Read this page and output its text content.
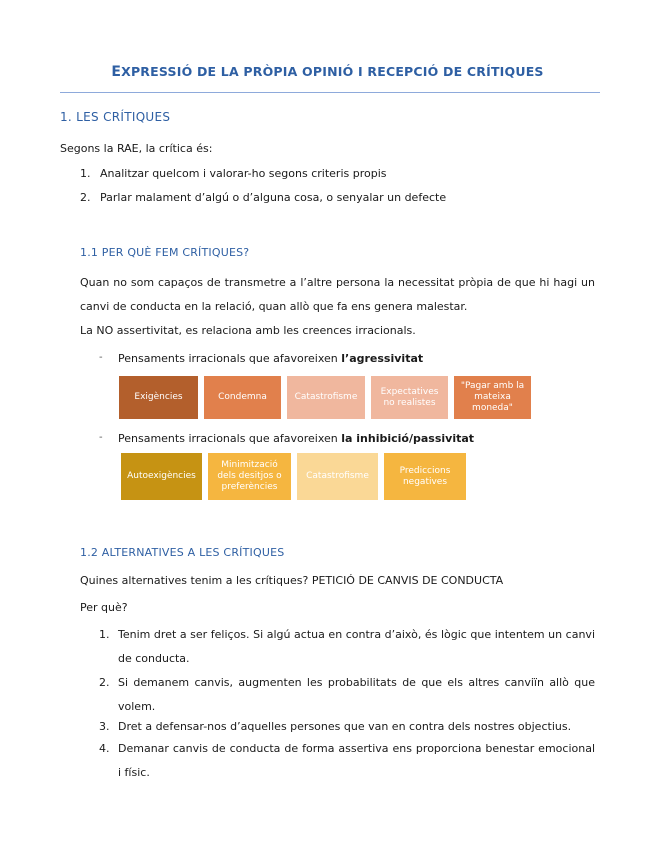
EXPRESSIÓ DE LA PRÒPIA OPINIÓ I RECEPCIÓ DE CRÍTIQUES
1. LES CRÍTIQUES
Segons la RAE, la crítica és:
1. Analitzar quelcom i valorar-ho segons criteris propis
2. Parlar malament d’algú o d’alguna cosa, o senyalar un defecte
1.1 PER QUÈ FEM CRÍTIQUES?
Quan no som capaços de transmetre a l’altre persona la necessitat pròpia de que hi hagi un canvi de conducta en la relació, quan allò que fa ens genera malestar.
La NO assertivitat, es relaciona amb les creences irracionals.
- Pensaments irracionals que afavoreixen l’agressivitat
Exigències	Condemna	Catastrofisme
Expectatives no realistes
"Pagar amb la mateixa moneda"
- Pensaments irracionals que afavoreixen la inhibició/passivitat
Autoexigències
Minimització dels desitjos o preferències
Catastrofisme
Prediccions negatives
1.2 ALTERNATIVES A LES CRÍTIQUES
Quines alternatives tenim a les crítiques? PETICIÓ DE CANVIS DE CONDUCTA
Per què?
1. Tenim dret a ser feliços. Si algú actua en contra d’això, és lògic que intentem un canvi de conducta.
2. Si demanem canvis, augmenten les probabilitats de que els altres canviïn allò que volem.
3. Dret a defensar-nos d’aquelles persones que van en contra dels nostres objectius.
4. Demanar canvis de conducta de forma assertiva ens proporciona benestar emocional i físic.
